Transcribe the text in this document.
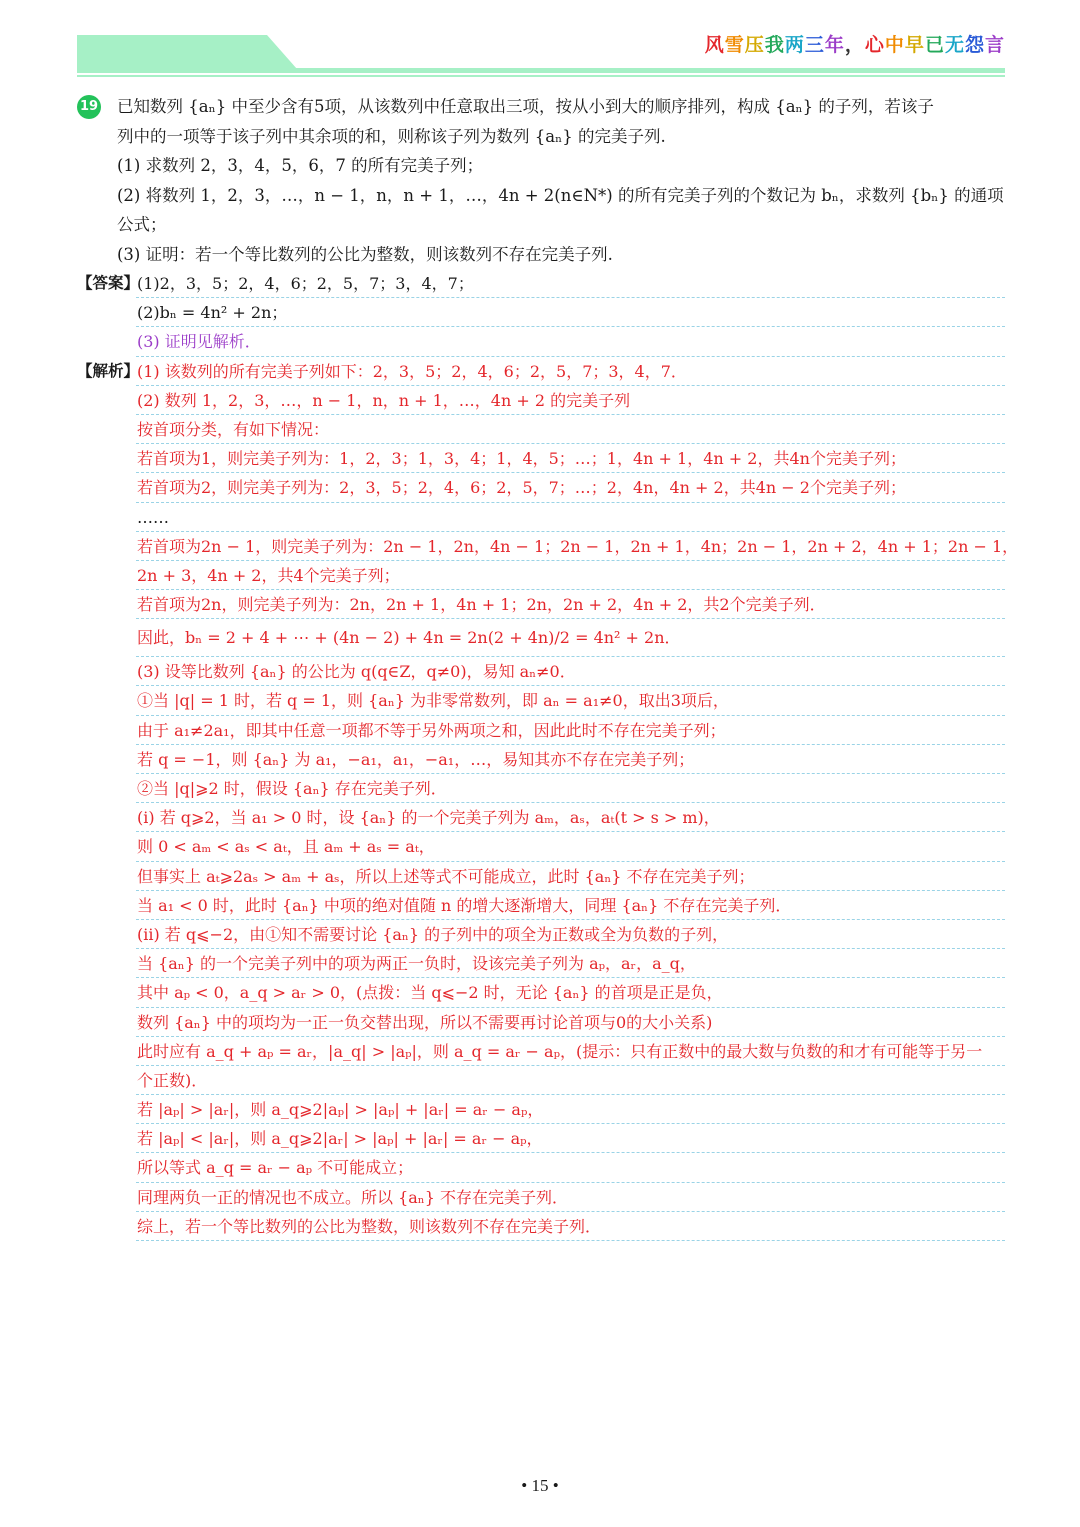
风雪压我两三年，心中早已无怨言
19 已知数列 {aₙ} 中至少含有5项，从该数列中任意取出三项，按从小到大的顺序排列，构成 {aₙ} 的子列，若该子
列中的一项等于该子列中其余项的和，则称该子列为数列 {aₙ} 的完美子列.
(1) 求数列 2，3，4，5，6，7 的所有完美子列；
(2) 将数列 1，2，3，…，n − 1，n，n + 1，…，4n + 2(n∈N*) 的所有完美子列的个数记为 bₙ，求数列 {bₙ} 的通项
公式；
(3) 证明：若一个等比数列的公比为整数，则该数列不存在完美子列.
【答案】
(1)2，3，5；2，4，6；2，5，7；3，4，7；
(2)bₙ = 4n² + 2n；
(3) 证明见解析．
【解析】
(1) 该数列的所有完美子列如下：2，3，5；2，4，6；2，5，7；3，4，7．
(2) 数列 1，2，3，…，n − 1，n，n + 1，…，4n + 2 的完美子列
按首项分类，有如下情况：
若首项为1，则完美子列为：1，2，3；1，3，4；1，4，5；…；1，4n + 1，4n + 2，共4n个完美子列；
若首项为2，则完美子列为：2，3，5；2，4，6；2，5，7；…；2，4n，4n + 2，共4n − 2个完美子列；
……
若首项为2n − 1，则完美子列为：2n − 1，2n，4n − 1；2n − 1，2n + 1，4n；2n − 1，2n + 2，4n + 1；2n − 1，
2n + 3，4n + 2，共4个完美子列；
若首项为2n，则完美子列为：2n，2n + 1，4n + 1；2n，2n + 2，4n + 2，共2个完美子列．
因此，bₙ = 2 + 4 + ⋯ + (4n − 2) + 4n = 2n(2 + 4n)/2 = 4n² + 2n．
(3) 设等比数列 {aₙ} 的公比为 q(q∈Z，q≠0)，易知 aₙ≠0．
①当 |q| = 1 时，若 q = 1，则 {aₙ} 为非零常数列，即 aₙ = a₁≠0，取出3项后，
由于 a₁≠2a₁，即其中任意一项都不等于另外两项之和，因此此时不存在完美子列；
若 q = −1，则 {aₙ} 为 a₁，−a₁，a₁，−a₁，…，易知其亦不存在完美子列；
②当 |q|⩾2 时，假设 {aₙ} 存在完美子列．
(i) 若 q⩾2，当 a₁ > 0 时，设 {aₙ} 的一个完美子列为 aₘ，aₛ，aₜ(t > s > m)，
则 0 < aₘ < aₛ < aₜ，且 aₘ + aₛ = aₜ，
但事实上 aₜ⩾2aₛ > aₘ + aₛ，所以上述等式不可能成立，此时 {aₙ} 不存在完美子列；
当 a₁ < 0 时，此时 {aₙ} 中项的绝对值随 n 的增大逐渐增大，同理 {aₙ} 不存在完美子列．
(ii) 若 q⩽−2，由①知不需要讨论 {aₙ} 的子列中的项全为正数或全为负数的子列，
当 {aₙ} 的一个完美子列中的项为两正一负时，设该完美子列为 aₚ，aᵣ，a_q，
其中 aₚ < 0，a_q > aᵣ > 0，(点拨：当 q⩽−2 时，无论 {aₙ} 的首项是正是负，
数列 {aₙ} 中的项均为一正一负交替出现，所以不需要再讨论首项与0的大小关系)
此时应有 a_q + aₚ = aᵣ，|a_q| > |aₚ|，则 a_q = aᵣ − aₚ，(提示：只有正数中的最大数与负数的和才有可能等于另一
个正数)．
若 |aₚ| > |aᵣ|，则 a_q⩾2|aₚ| > |aₚ| + |aᵣ| = aᵣ − aₚ，
若 |aₚ| < |aᵣ|，则 a_q⩾2|aᵣ| > |aₚ| + |aᵣ| = aᵣ − aₚ，
所以等式 a_q = aᵣ − aₚ 不可能成立；
同理两负一正的情况也不成立。所以 {aₙ} 不存在完美子列．
综上，若一个等比数列的公比为整数，则该数列不存在完美子列．
• 15 •
